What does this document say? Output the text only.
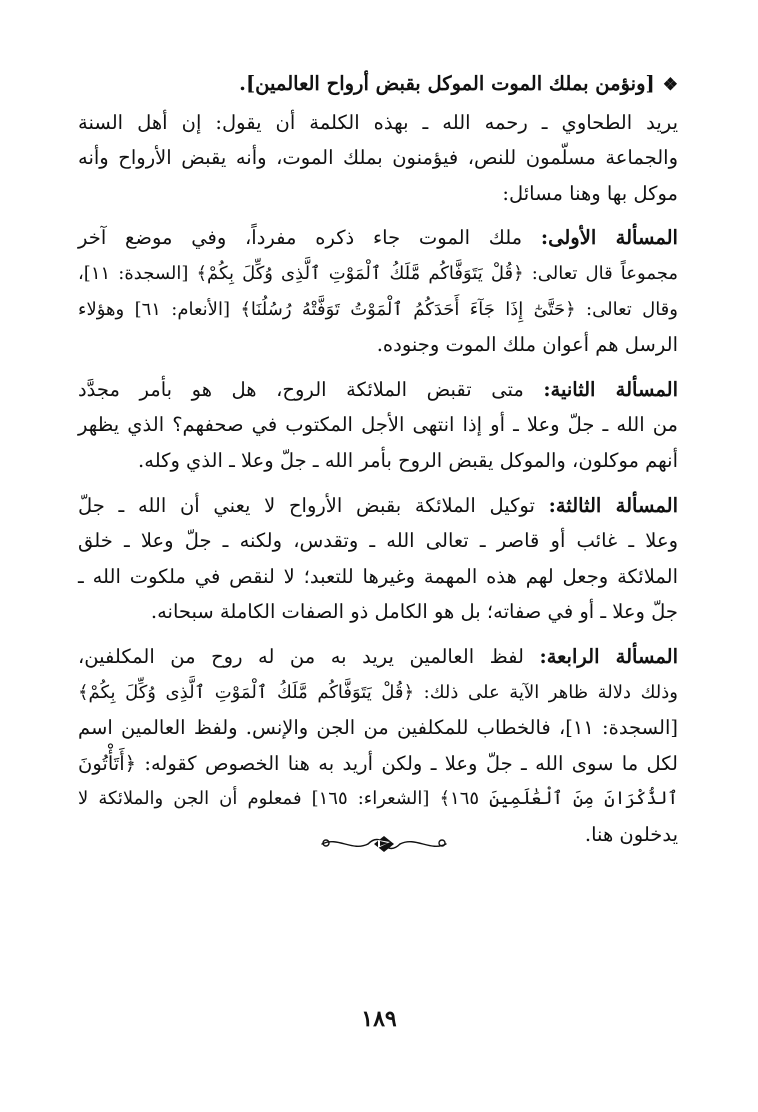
❖[ونؤمن بملك الموت الموكل بقبض أرواح العالمين].

يريد الطحاوي ـ رحمه الله ـ بهذه الكلمة أن يقول: إن أهل السنة
والجماعة مسلّمون للنص، فيؤمنون بملك الموت، وأنه يقبض الأرواح وأنه
موكل بها وهنا مسائل:

المسألة الأولى: ملك الموت جاء ذكره مفرداً، وفي موضع آخر
مجموعاً قال تعالى: ﴿قُلْ يَتَوَفَّاكُم مَّلَكُ ٱلْمَوْتِ ٱلَّذِى وُكِّلَ بِكُمْ﴾ [السجدة: ١١]،
وقال تعالى: ﴿حَتَّىٰٓ إِذَا جَآءَ أَحَدَكُمُ ٱلْمَوْتُ تَوَفَّتْهُ رُسُلُنَا﴾ [الأنعام: ٦١] وهؤلاء
الرسل هم أعوان ملك الموت وجنوده.

المسألة الثانية: متى تقبض الملائكة الروح، هل هو بأمر مجدَّد
من الله ـ جلّ وعلا ـ أو إذا انتهى الأجل المكتوب في صحفهم؟ الذي يظهر
أنهم موكلون، والموكل يقبض الروح بأمر الله ـ جلّ وعلا ـ الذي وكله.

المسألة الثالثة: توكيل الملائكة بقبض الأرواح لا يعني أن الله ـ جلّ
وعلا ـ غائب أو قاصر ـ تعالى الله ـ وتقدس، ولكنه ـ جلّ وعلا ـ خلق
الملائكة وجعل لهم هذه المهمة وغيرها للتعبد؛ لا لنقص في ملكوت الله ـ
جلّ وعلا ـ أو في صفاته؛ بل هو الكامل ذو الصفات الكاملة سبحانه.

المسألة الرابعة: لفظ العالمين يريد به من له روح من المكلفين،
وذلك دلالة ظاهر الآية على ذلك: ﴿قُلْ يَتَوَفَّاكُم مَّلَكُ ٱلْمَوْتِ ٱلَّذِى وُكِّلَ بِكُمْ﴾
[السجدة: ١١]، فالخطاب للمكلفين من الجن والإنس. ولفظ العالمين اسم
لكل ما سوى الله ـ جلّ وعلا ـ ولكن أريد به هنا الخصوص كقوله: ﴿أَتَأْتُونَ
ٱلذُّكْرَانَ مِنَ ٱلْعَٰلَمِينَ ١٦٥﴾ [الشعراء: ١٦٥] فمعلوم أن الجن والملائكة لا
يدخلون هنا.

١٨٩
